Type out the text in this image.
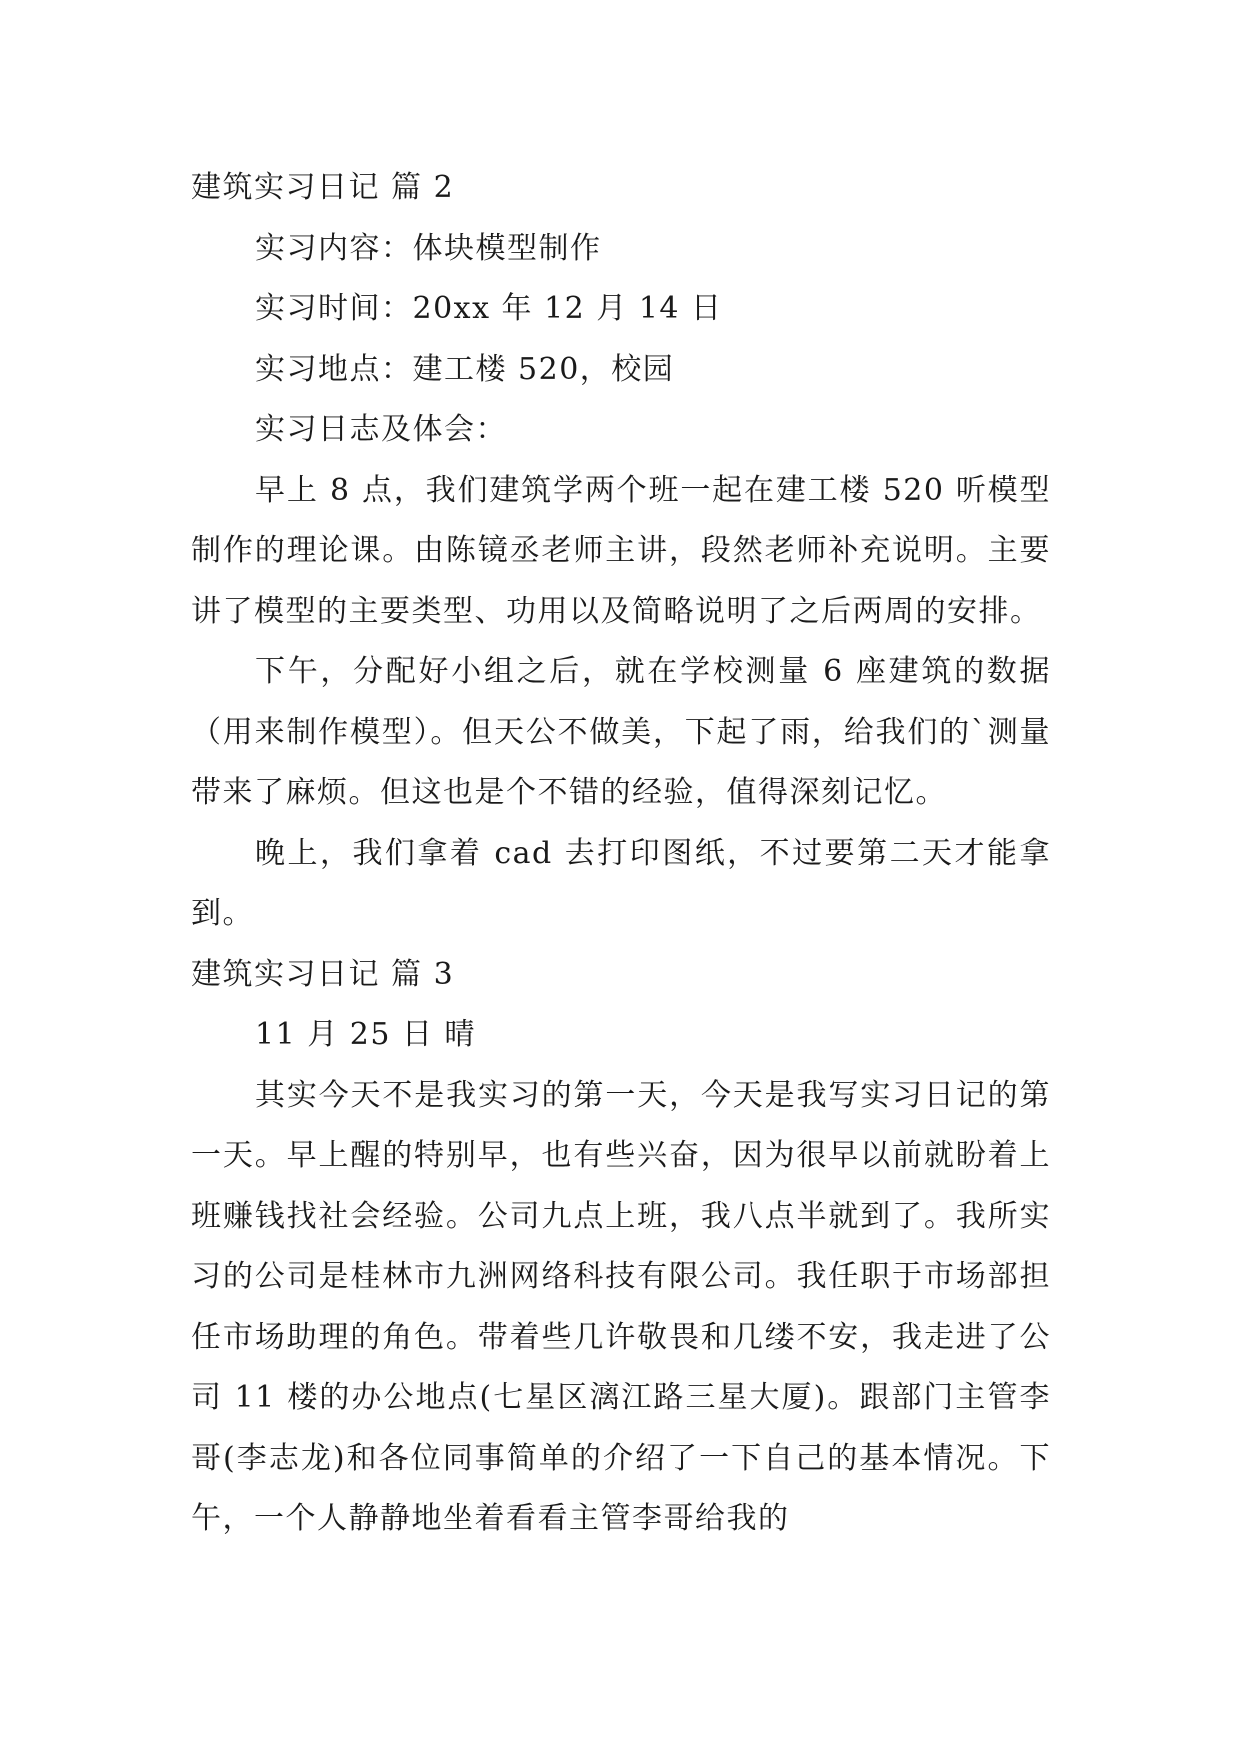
建筑实习日记 篇 2

实习内容：体块模型制作

实习时间：20xx 年 12 月 14 日

实习地点：建工楼 520，校园

实习日志及体会：

早上 8 点，我们建筑学两个班一起在建工楼 520 听模型制作的理论课。由陈镜丞老师主讲，段然老师补充说明。主要讲了模型的主要类型、功用以及简略说明了之后两周的安排。

下午，分配好小组之后，就在学校测量 6 座建筑的数据（用来制作模型）。但天公不做美，下起了雨，给我们的`测量带来了麻烦。但这也是个不错的经验，值得深刻记忆。

晚上，我们拿着 cad 去打印图纸，不过要第二天才能拿到。

建筑实习日记 篇 3

11 月 25 日 晴

其实今天不是我实习的第一天，今天是我写实习日记的第一天。早上醒的特别早，也有些兴奋，因为很早以前就盼着上班赚钱找社会经验。公司九点上班，我八点半就到了。我所实习的公司是桂林市九洲网络科技有限公司。我任职于市场部担任市场助理的角色。带着些几许敬畏和几缕不安，我走进了公司 11 楼的办公地点(七星区漓江路三星大厦)。跟部门主管李哥(李志龙)和各位同事简单的介绍了一下自己的基本情况。下午，一个人静静地坐着看看主管李哥给我的
